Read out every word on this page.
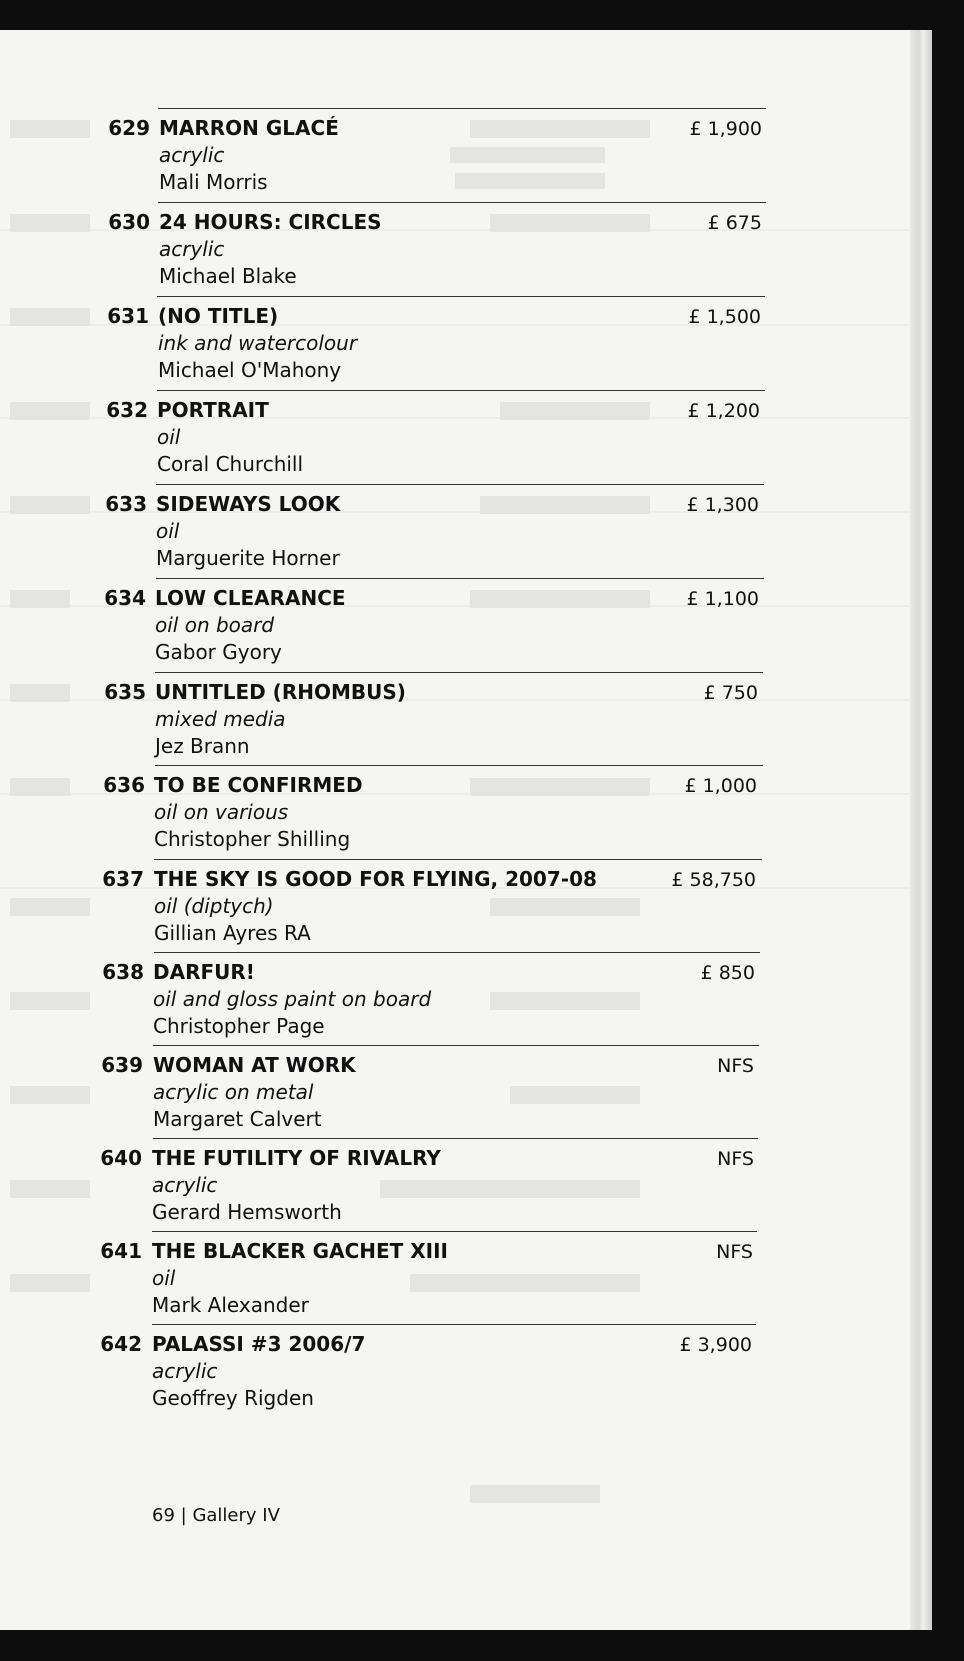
629 MARRON GLACÉ
acrylic
Mali Morris
£ 1,900
630 24 HOURS: CIRCLES
acrylic
Michael Blake
£ 675
631 (NO TITLE)
ink and watercolour
Michael O'Mahony
£ 1,500
632 PORTRAIT
oil
Coral Churchill
£ 1,200
633 SIDEWAYS LOOK
oil
Marguerite Horner
£ 1,300
634 LOW CLEARANCE
oil on board
Gabor Gyory
£ 1,100
635 UNTITLED (RHOMBUS)
mixed media
Jez Brann
£ 750
636 TO BE CONFIRMED
oil on various
Christopher Shilling
£ 1,000
637 THE SKY IS GOOD FOR FLYING, 2007-08
oil (diptych)
Gillian Ayres RA
£ 58,750
638 DARFUR!
oil and gloss paint on board
Christopher Page
£ 850
639 WOMAN AT WORK
acrylic on metal
Margaret Calvert
NFS
640 THE FUTILITY OF RIVALRY
acrylic
Gerard Hemsworth
NFS
641 THE BLACKER GACHET XIII
oil
Mark Alexander
NFS
642 PALASSI #3 2006/7
acrylic
Geoffrey Rigden
£ 3,900
69 | Gallery IV
